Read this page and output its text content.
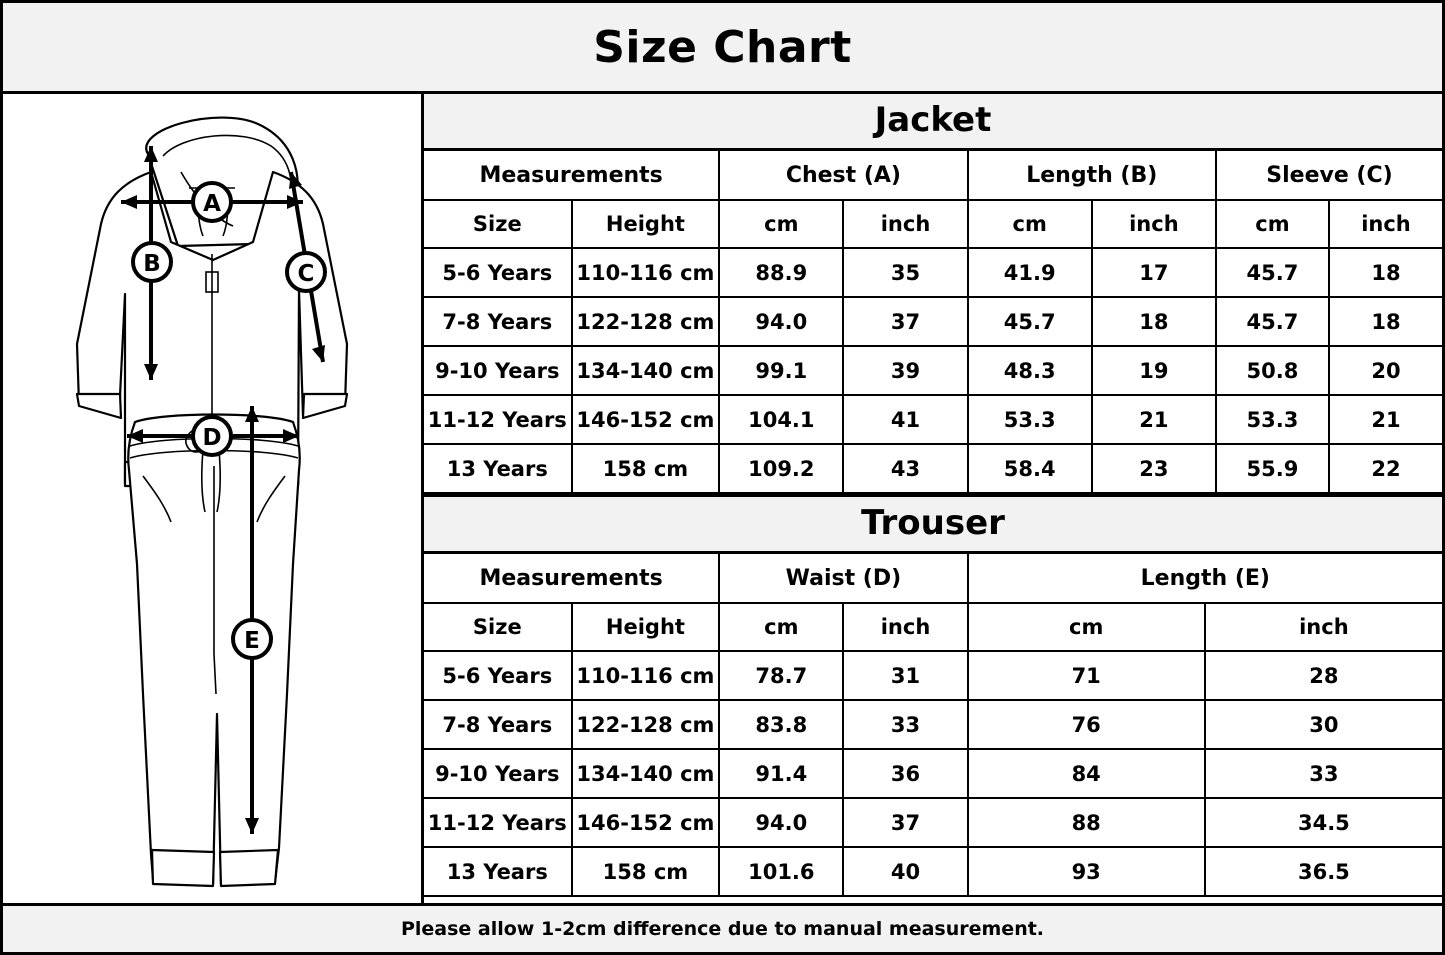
Size Chart
A
B	C
D
E
Jacket
Measurements		Chest (A)		Length (B)		Sleeve (C)	
Size	Height	cm	inch	cm	inch	cm	inch
5-6 Years	110-116 cm	88.9	35	41.9	17	45.7	18
7-8 Years	122-128 cm	94.0	37	45.7	18	45.7	18
9-10 Years	134-140 cm	99.1	39	48.3	19	50.8	20
11-12 Years	146-152 cm	104.1	41	53.3	21	53.3	21
13 Years	158 cm	109.2	43	58.4	23	55.9	22
Trouser
Measurements		Waist (D)		Length (E)	
Size	Height	cm	inch	cm	inch
5-6 Years	110-116 cm	78.7	31	71	28
7-8 Years	122-128 cm	83.8	33	76	30
9-10 Years	134-140 cm	91.4	36	84	33
11-12 Years	146-152 cm	94.0	37	88	34.5
13 Years	158 cm	101.6	40	93	36.5
Please allow 1-2cm difference due to manual measurement.
